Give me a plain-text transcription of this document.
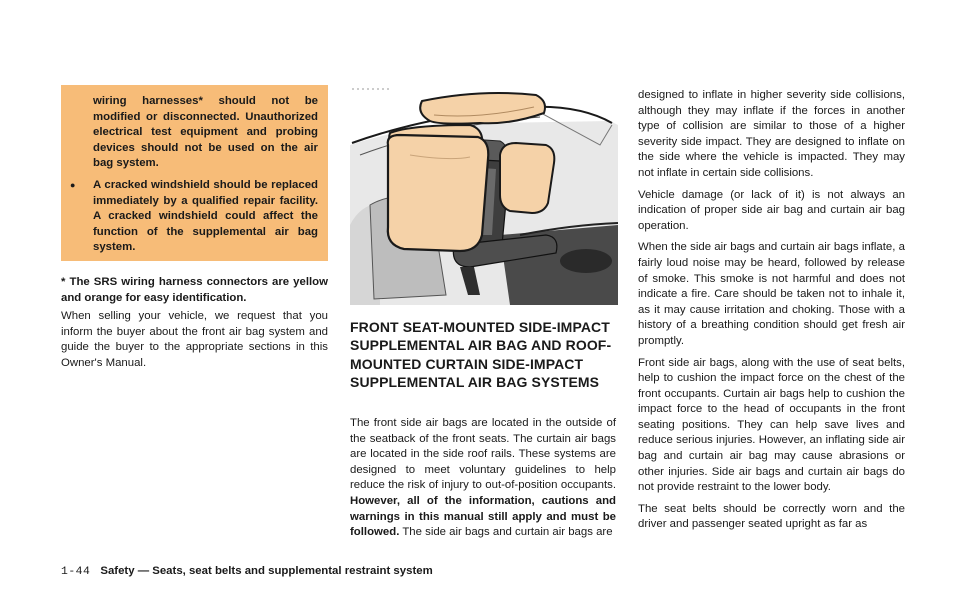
wiring harnesses* should not be modified or disconnected. Unauthorized electrical test equipment and probing devices should not be used on the air bag system.

● A cracked windshield should be replaced immediately by a qualified repair facility. A cracked windshield could affect the function of the supplemental air bag system.

* The SRS wiring harness connectors are yellow and orange for easy identification.

When selling your vehicle, we request that you inform the buyer about the front air bag system and guide the buyer to the appropriate sections in this Owner's Manual.

FRONT SEAT-MOUNTED SIDE-IMPACT SUPPLEMENTAL AIR BAG AND ROOF-MOUNTED CURTAIN SIDE-IMPACT SUPPLEMENTAL AIR BAG SYSTEMS

The front side air bags are located in the outside of the seatback of the front seats. The curtain air bags are located in the side roof rails. These systems are designed to meet voluntary guidelines to help reduce the risk of injury to out-of-position occupants. However, all of the information, cautions and warnings in this manual still apply and must be followed. The side air bags and curtain air bags are

designed to inflate in higher severity side collisions, although they may inflate if the forces in another type of collision are similar to those of a higher severity side impact. They are designed to inflate on the side where the vehicle is impacted. They may not inflate in certain side collisions.

Vehicle damage (or lack of it) is not always an indication of proper side air bag and curtain air bag operation.

When the side air bags and curtain air bags inflate, a fairly loud noise may be heard, followed by release of smoke. This smoke is not harmful and does not indicate a fire. Care should be taken not to inhale it, as it may cause irritation and choking. Those with a history of a breathing condition should get fresh air promptly.

Front side air bags, along with the use of seat belts, help to cushion the impact force on the chest of the front occupants. Curtain air bags help to cushion the impact force to the head of occupants in the front seating positions. They can help save lives and reduce serious injuries. However, an inflating side air bag and curtain air bag may cause abrasions or other injuries. Side air bags and curtain air bags do not provide restraint to the lower body.

The seat belts should be correctly worn and the driver and passenger seated upright as far as

1-44 Safety — Seats, seat belts and supplemental restraint system
